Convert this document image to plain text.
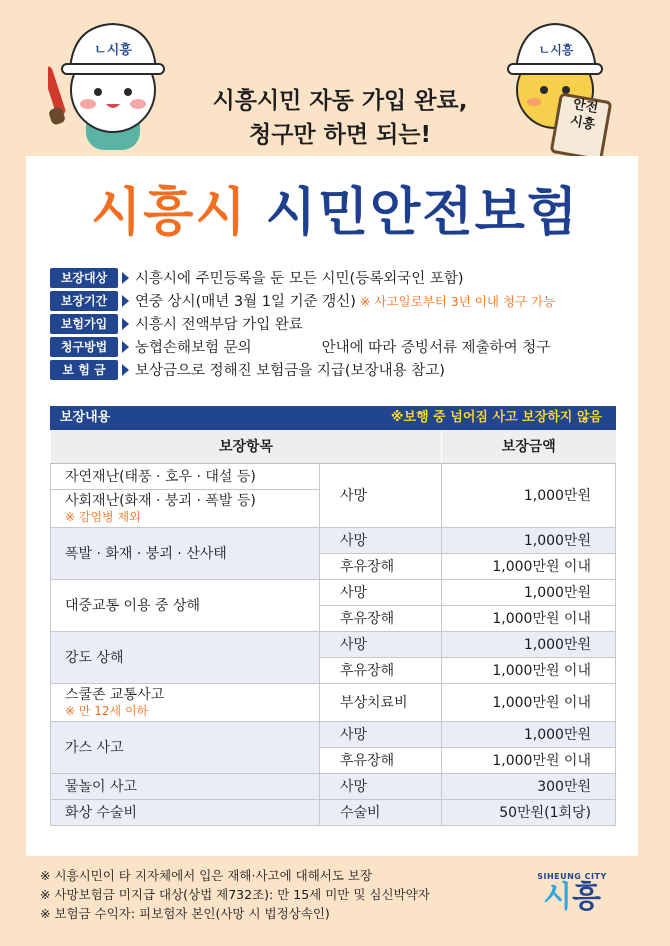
ㄴ시흥	ㄴ시흥
안전
시흥
시흥시민 자동 가입 완료,
청구만 하면 되는!
시흥시 시민안전보험
보장대상	시흥시에 주민등록을 둔 모든 시민(등록외국인 포함)
보장기간	연중 상시(매년 3월 1일 기준 갱신) ※ 사고일로부터 3년 이내 청구 가능
보험가입	시흥시 전액부담 가입 완료
청구방법	농협손해보험 문의	안내에 따라 증빙서류 제출하여 청구
보 험 금	보상금으로 정해진 보험금을 지급(보장내용 참고)
보장내용	※보행 중 넘어짐 사고 보장하지 않음
보장항목		보장금액
자연재난(태풍 · 호우 · 대설 등)	사망	1,000만원
사회재난(화재 · 붕괴 · 폭발 등)
※ 감염병 제외		

폭발 · 화재 · 붕괴 · 산사태	사망	1,000만원
	후유장해	1,000만원 이내
대중교통 이용 중 상해	사망	1,000만원
	후유장해	1,000만원 이내
강도 상해	사망	1,000만원
	후유장해	1,000만원 이내
스쿨존 교통사고
※ 만 12세 이하	부상치료비	1,000만원 이내
가스 사고	사망	1,000만원
	후유장해	1,000만원 이내
물놀이 사고	사망	300만원
화상 수술비	수술비	50만원(1회당)
※ 시흥시민이 타 지자체에서 입은 재해·사고에 대해서도 보장
※ 사망보험금 미지급 대상(상법 제732조): 만 15세 미만 및 심신박약자
※ 보험금 수익자: 피보험자 본인(사망 시 법정상속인)
SIHEUNG CITY
시흥
